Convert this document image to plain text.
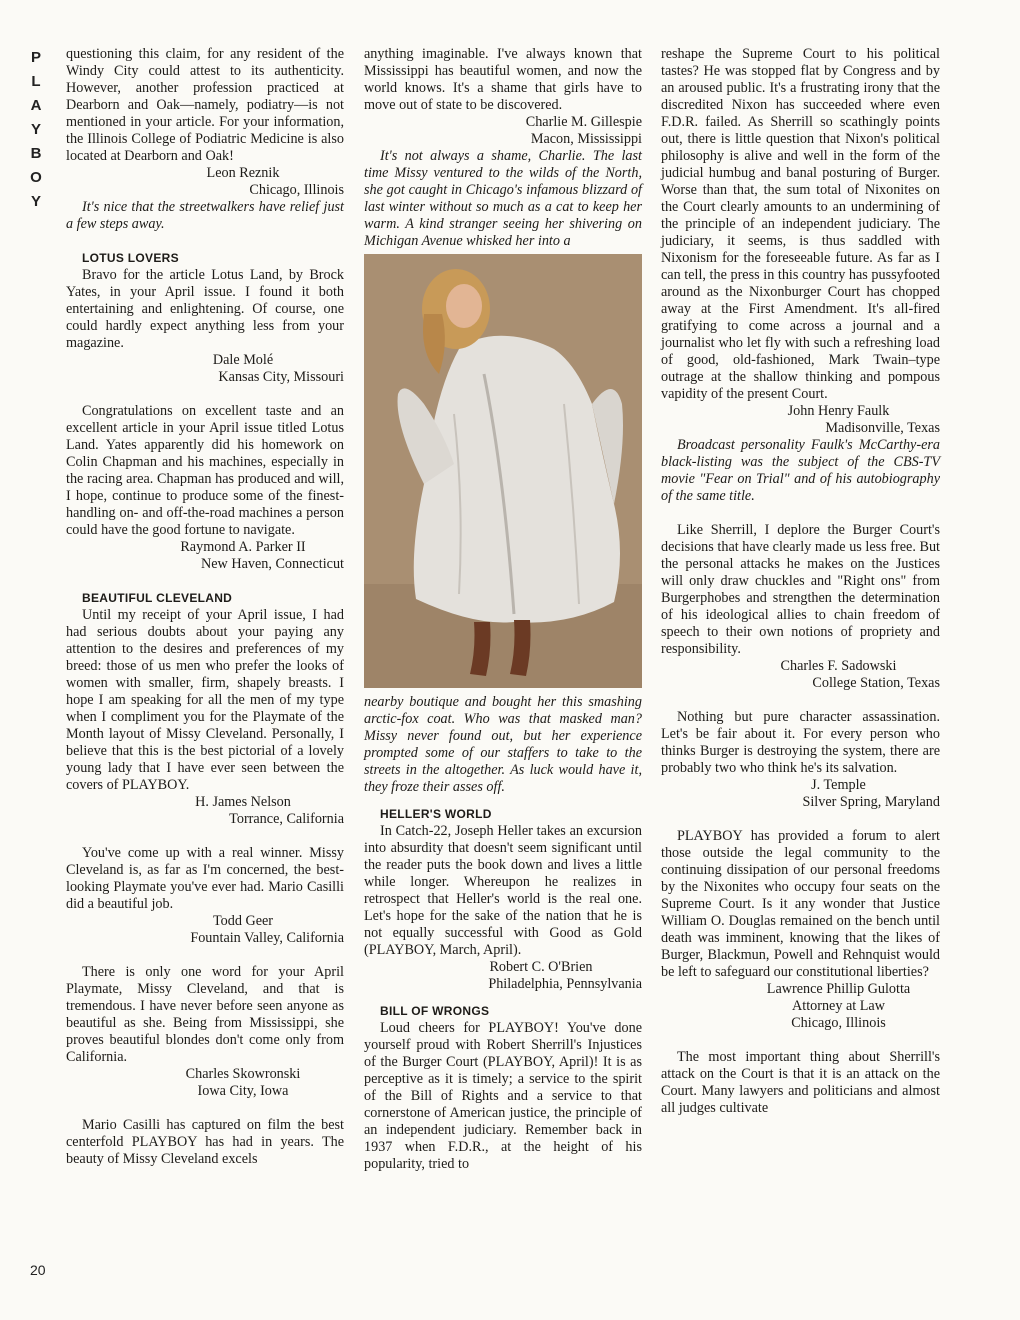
P
L
A
Y
B
O
Y
20

questioning this claim, for any resident of the Windy City could attest to its authenticity. However, another profession practiced at Dearborn and Oak—namely, podiatry—is not mentioned in your article. For your information, the Illinois College of Podiatric Medicine is also located at Dearborn and Oak!

Leon Reznik

Chicago, Illinois

It's nice that the streetwalkers have relief just a few steps away.

LOTUS LOVERS

Bravo for the article Lotus Land, by Brock Yates, in your April issue. I found it both entertaining and enlightening. Of course, one could hardly expect anything less from your magazine.

Dale Molé

Kansas City, Missouri

Congratulations on excellent taste and an excellent article in your April issue titled Lotus Land. Yates apparently did his homework on Colin Chapman and his machines, especially in the racing area. Chapman has produced and will, I hope, continue to produce some of the finest-handling on- and off-the-road machines a person could have the good fortune to navigate.

Raymond A. Parker II

New Haven, Connecticut

BEAUTIFUL CLEVELAND

Until my receipt of your April issue, I had had serious doubts about your paying any attention to the desires and preferences of my breed: those of us men who prefer the looks of women with smaller, firm, shapely breasts. I hope I am speaking for all the men of my type when I compliment you for the Playmate of the Month layout of Missy Cleveland. Personally, I believe that this is the best pictorial of a lovely young lady that I have ever seen between the covers of PLAYBOY.

H. James Nelson

Torrance, California

You've come up with a real winner. Missy Cleveland is, as far as I'm concerned, the best-looking Playmate you've ever had. Mario Casilli did a beautiful job.

Todd Geer

Fountain Valley, California

There is only one word for your April Playmate, Missy Cleveland, and that is tremendous. I have never before seen anyone as beautiful as she. Being from Mississippi, she proves beautiful blondes don't come only from California.

Charles Skowronski

Iowa City, Iowa

Mario Casilli has captured on film the best centerfold PLAYBOY has had in years. The beauty of Missy Cleveland excels

anything imaginable. I've always known that Mississippi has beautiful women, and now the world knows. It's a shame that girls have to move out of state to be discovered.

Charlie M. Gillespie

Macon, Mississippi

It's not always a shame, Charlie. The last time Missy ventured to the wilds of the North, she got caught in Chicago's infamous blizzard of last winter without so much as a cat to keep her warm. A kind stranger seeing her shivering on Michigan Avenue whisked her into a

nearby boutique and bought her this smashing arctic-fox coat. Who was that masked man? Missy never found out, but her experience prompted some of our staffers to take to the streets in the altogether. As luck would have it, they froze their asses off.

HELLER'S WORLD

In Catch-22, Joseph Heller takes an excursion into absurdity that doesn't seem significant until the reader puts the book down and lives a little while longer. Whereupon he realizes in retrospect that Heller's world is the real one. Let's hope for the sake of the nation that he is not equally successful with Good as Gold (PLAYBOY, March, April).

Robert C. O'Brien

Philadelphia, Pennsylvania

BILL OF WRONGS

Loud cheers for PLAYBOY! You've done yourself proud with Robert Sherrill's Injustices of the Burger Court (PLAYBOY, April)! It is as perceptive as it is timely; a service to the spirit of the Bill of Rights and a service to that cornerstone of American justice, the principle of an independent judiciary. Remember back in 1937 when F.D.R., at the height of his popularity, tried to

reshape the Supreme Court to his political tastes? He was stopped flat by Congress and by an aroused public. It's a frustrating irony that the discredited Nixon has succeeded where even F.D.R. failed. As Sherrill so scathingly points out, there is little question that Nixon's political philosophy is alive and well in the form of the judicial humbug and banal posturing of Burger. Worse than that, the sum total of Nixonites on the Court clearly amounts to an undermining of the principle of an independent judiciary. The judiciary, it seems, is thus saddled with Nixonism for the foreseeable future. As far as I can tell, the press in this country has pussyfooted around as the Nixonburger Court has chopped away at the First Amendment. It's all-fired gratifying to come across a journal and a journalist who let fly with such a refreshing load of good, old-fashioned, Mark Twain–type outrage at the shallow thinking and pompous vapidity of the present Court.

John Henry Faulk

Madisonville, Texas

Broadcast personality Faulk's McCarthy-era black-listing was the subject of the CBS-TV movie "Fear on Trial" and of his autobiography of the same title.

Like Sherrill, I deplore the Burger Court's decisions that have clearly made us less free. But the personal attacks he makes on the Justices will only draw chuckles and "Right ons" from Burgerphobes and strengthen the determination of his ideological allies to chain freedom of speech to their own notions of propriety and responsibility.

Charles F. Sadowski

College Station, Texas

Nothing but pure character assassination. Let's be fair about it. For every person who thinks Burger is destroying the system, there are probably two who think he's its salvation.

J. Temple

Silver Spring, Maryland

PLAYBOY has provided a forum to alert those outside the legal community to the continuing dissipation of our personal freedoms by the Nixonites who occupy four seats on the Supreme Court. Is it any wonder that Justice William O. Douglas remained on the bench until death was imminent, knowing that the likes of Burger, Blackmun, Powell and Rehnquist would be left to safeguard our constitutional liberties?

Lawrence Phillip Gulotta

Attorney at Law

Chicago, Illinois

The most important thing about Sherrill's attack on the Court is that it is an attack on the Court. Many lawyers and politicians and almost all judges cultivate
